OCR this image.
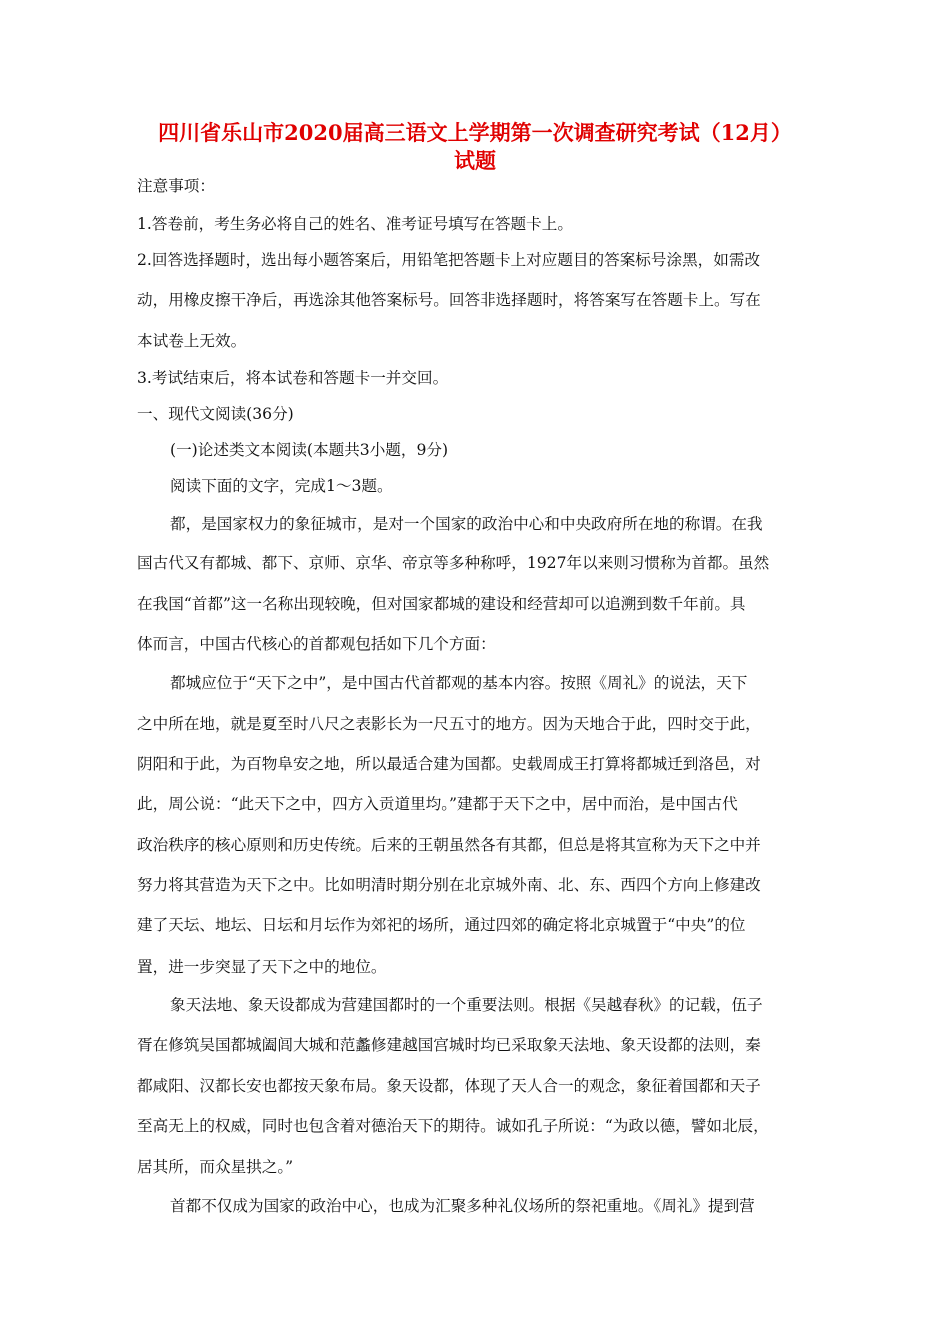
四川省乐山市2020届高三语文上学期第一次调查研究考试（12月）
试题
注意事项：
1.答卷前，考生务必将自己的姓名、准考证号填写在答题卡上。
2.回答选择题时，选出每小题答案后，用铅笔把答题卡上对应题目的答案标号涂黑，如需改
动，用橡皮擦干净后，再选涂其他答案标号。回答非选择题时，将答案写在答题卡上。写在
本试卷上无效。
3.考试结束后，将本试卷和答题卡一并交回。
一、现代文阅读(36分)
(一)论述类文本阅读(本题共3小题，9分)
阅读下面的文字，完成1～3题。
都，是国家权力的象征城市，是对一个国家的政治中心和中央政府所在地的称谓。在我
国古代又有都城、都下、京师、京华、帝京等多种称呼，1927年以来则习惯称为首都。虽然
在我国“首都”这一名称出现较晚，但对国家都城的建设和经营却可以追溯到数千年前。具
体而言，中国古代核心的首都观包括如下几个方面：
都城应位于“天下之中”，是中国古代首都观的基本内容。按照《周礼》的说法，天下
之中所在地，就是夏至时八尺之表影长为一尺五寸的地方。因为天地合于此，四时交于此，
阴阳和于此，为百物阜安之地，所以最适合建为国都。史载周成王打算将都城迁到洛邑，对
此，周公说：“此天下之中，四方入贡道里均。”建都于天下之中，居中而治，是中国古代
政治秩序的核心原则和历史传统。后来的王朝虽然各有其都，但总是将其宣称为天下之中并
努力将其营造为天下之中。比如明清时期分别在北京城外南、北、东、西四个方向上修建改
建了天坛、地坛、日坛和月坛作为郊祀的场所，通过四郊的确定将北京城置于“中央”的位
置，进一步突显了天下之中的地位。
象天法地、象天设都成为营建国都时的一个重要法则。根据《吴越春秋》的记载，伍子
胥在修筑吴国都城阖闾大城和范蠡修建越国宫城时均已采取象天法地、象天设都的法则，秦
都咸阳、汉都长安也都按天象布局。象天设都，体现了天人合一的观念，象征着国都和天子
至高无上的权威，同时也包含着对德治天下的期待。诚如孔子所说：“为政以德，譬如北辰，
居其所，而众星拱之。”
首都不仅成为国家的政治中心，也成为汇聚多种礼仪场所的祭祀重地。《周礼》提到营
